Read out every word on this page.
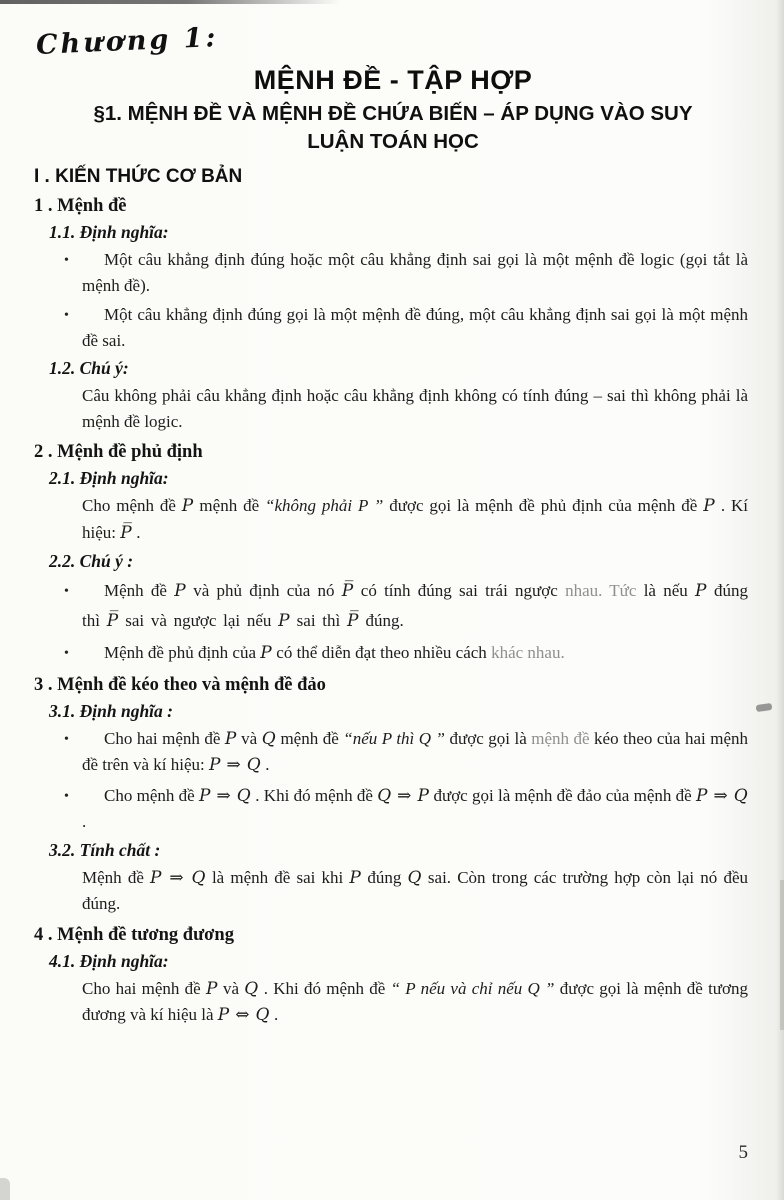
Chương 1:
MỆNH ĐỀ - TẬP HỢP
§1. MỆNH ĐỀ VÀ MỆNH ĐỀ CHỨA BIẾN – ÁP DỤNG VÀO SUY
LUẬN TOÁN HỌC
I . KIẾN THỨC CƠ BẢN
1 . Mệnh đề
1.1. Định nghĩa:

• Một câu khẳng định đúng hoặc một câu khẳng định sai gọi là một mệnh đề logic (gọi tắt là mệnh đề).

• Một câu khẳng định đúng gọi là một mệnh đề đúng, một câu khẳng định sai gọi là một mệnh đề sai.

1.2. Chú ý:

Câu không phải câu khẳng định hoặc câu khẳng định không có tính đúng – sai thì không phải là mệnh đề logic.

2 . Mệnh đề phủ định
2.1. Định nghĩa:

Cho mệnh đề P mệnh đề “không phải P ” được gọi là mệnh đề phủ định của mệnh đề P . Kí hiệu: P̅ .

2.2. Chú ý :

• Mệnh đề P và phủ định của nó P̅ có tính đúng sai trái ngược nhau. Tức là nếu P đúng thì P̅ sai và ngược lại nếu P sai thì P̅ đúng.

• Mệnh đề phủ định của P có thể diễn đạt theo nhiều cách khác nhau.

3 . Mệnh đề kéo theo và mệnh đề đảo
3.1. Định nghĩa :

• Cho hai mệnh đề P và Q mệnh đề “nếu P thì Q ” được gọi là mệnh đề kéo theo của hai mệnh đề trên và kí hiệu: P ⇒ Q .

• Cho mệnh đề P ⇒ Q . Khi đó mệnh đề Q ⇒ P được gọi là mệnh đề đảo của mệnh đề P ⇒ Q .

3.2. Tính chất :

Mệnh đề P ⇒ Q là mệnh đề sai khi P đúng Q sai. Còn trong các trường hợp còn lại nó đều đúng.

4 . Mệnh đề tương đương
4.1. Định nghĩa:

Cho hai mệnh đề P và Q . Khi đó mệnh đề “ P nếu và chỉ nếu Q ” được gọi là mệnh đề tương đương và kí hiệu là P ⇔ Q .

5
